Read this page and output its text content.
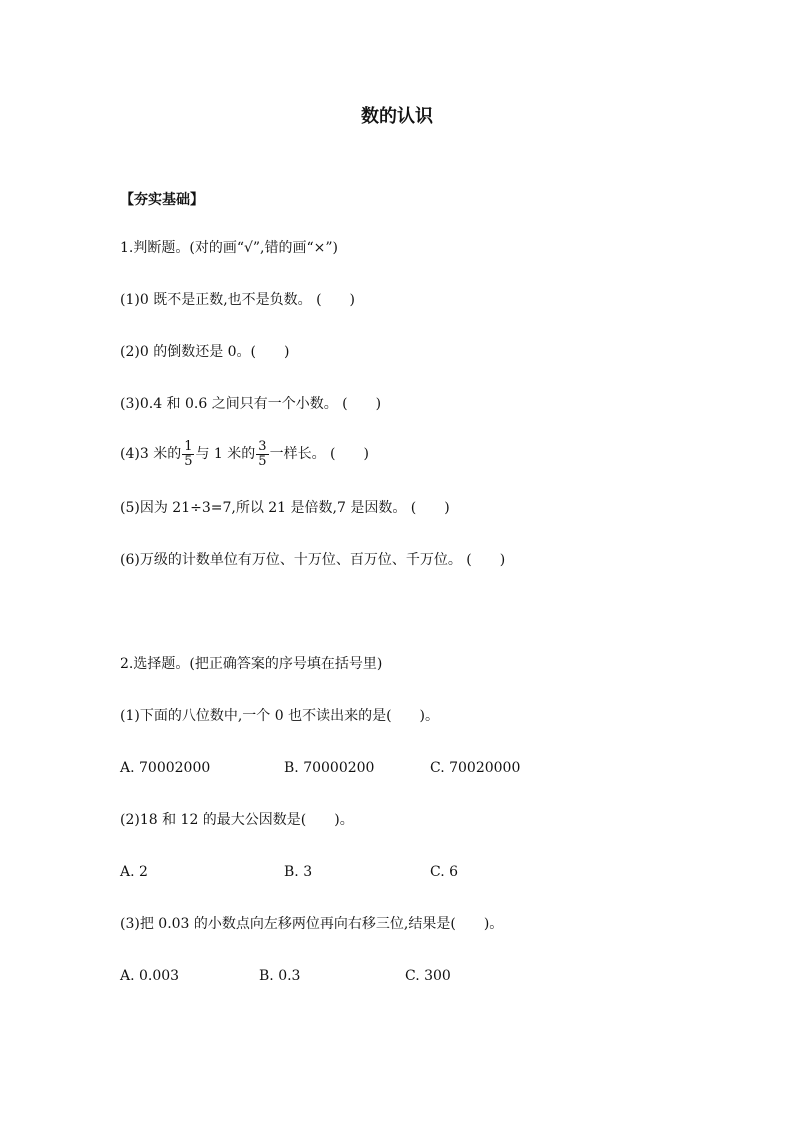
数的认识
【夯实基础】
1.判断题。(对的画“√”,错的画“×”)
(1)0 既不是正数,也不是负数。 (　　)
(2)0 的倒数还是 0。(　　)
(3)0.4 和 0.6 之间只有一个小数。 (　　)
(4)3 米的 $\frac{1}{5}$ 与 1 米的 $\frac{3}{5}$ 一样长。 (　　)
(5)因为 21÷3=7,所以 21 是倍数,7 是因数。 (　　)
(6)万级的计数单位有万位、十万位、百万位、千万位。 (　　)
2.选择题。(把正确答案的序号填在括号里)
(1)下面的八位数中,一个 0 也不读出来的是(　　)。
A. 70002000	B. 70000200	C. 70020000
(2)18 和 12 的最大公因数是(　　)。
A. 2	B. 3	C. 6
(3)把 0.03 的小数点向左移两位再向右移三位,结果是(　　)。
A. 0.003	B. 0.3	C. 300
